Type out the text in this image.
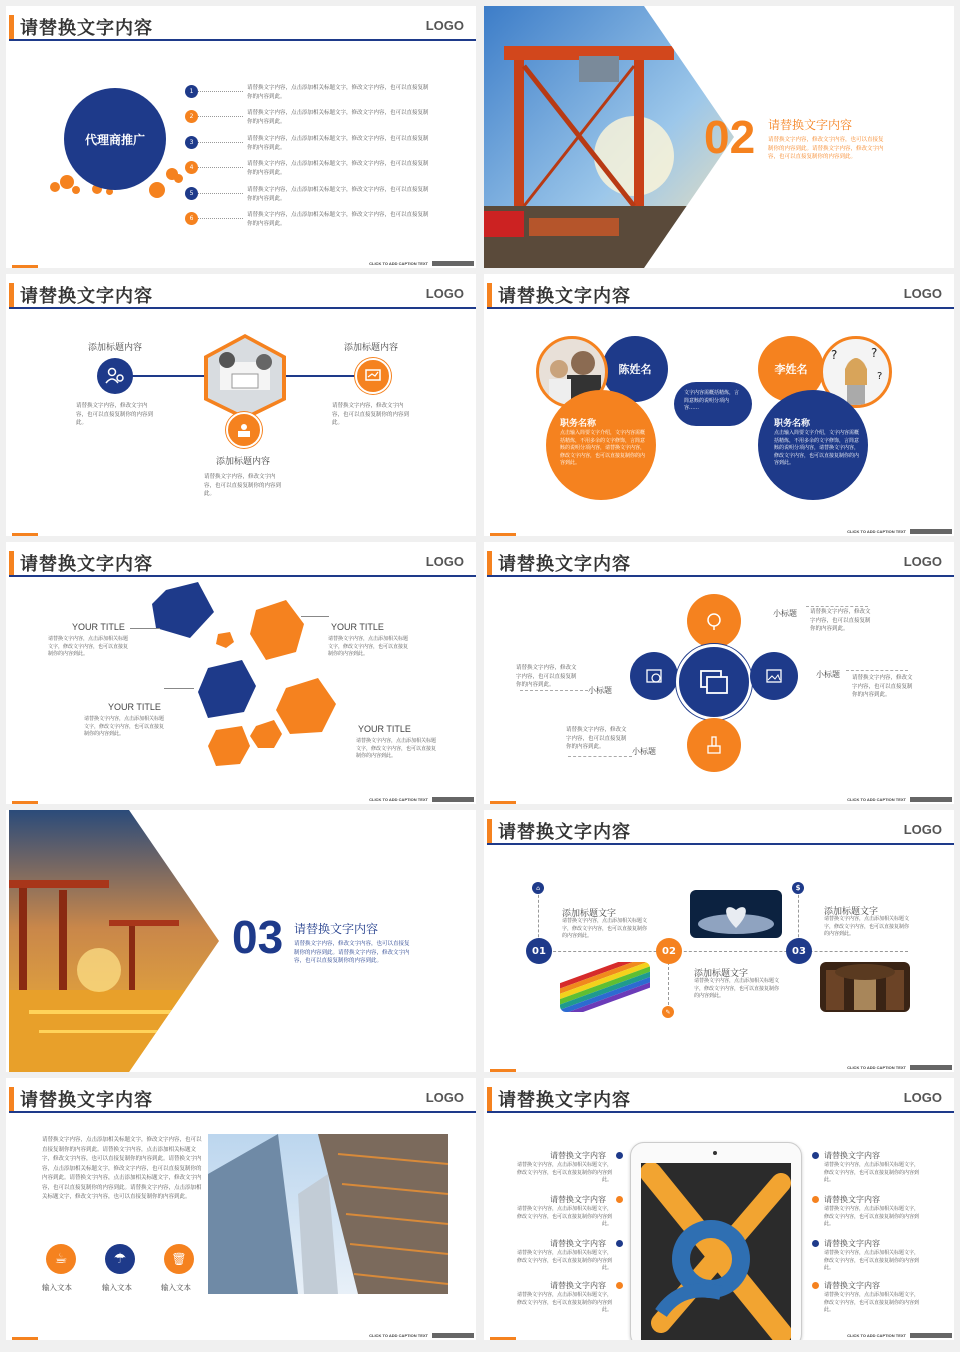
请替换文字内容	LOGO
代理商推广
1	请替换文字内容，点击添加相关标题文字，修改文字内容，也可以直接复制你的内容到此。
2	请替换文字内容，点击添加相关标题文字，修改文字内容，也可以直接复制你的内容到此。
3	请替换文字内容，点击添加相关标题文字，修改文字内容，也可以直接复制你的内容到此。
4	请替换文字内容，点击添加相关标题文字，修改文字内容，也可以直接复制你的内容到此。
5	请替换文字内容，点击添加相关标题文字，修改文字内容，也可以直接复制你的内容到此。
6	请替换文字内容，点击添加相关标题文字，修改文字内容，也可以直接复制你的内容到此。
CLICK TO ADD CAPTION TEXT
02 请替换文字内容
请替换文字内容，修改文字内容，也可以直接复制你的内容到此。请替换文字内容，修改文字内容，也可以直接复制你的内容到此。
请替换文字内容	LOGO
添加标题内容	添加标题内容
添加标题内容
请替换文字内容，修改文字内容，也可以直接复制你的内容到此。
请替换文字内容，修改文字内容，也可以直接复制你的内容到此。
请替换文字内容，修改文字内容，也可以直接复制你的内容到此。
请替换文字内容	LOGO
陈姓名
职务名称
点击输入简要文字介绍，文字内容需概括精炼，不用多余的文字修饰，言简意赅的说明分项内容，请替换文字内容，修改文字内容，也可以直接复制你的内容到此。
文字内容需概括精炼，言简意赅的说明分项内容……
李姓名
?	?
?
职务名称
点击输入简要文字介绍，文字内容需概括精炼，不用多余的文字修饰，言简意赅的说明分项内容，请替换文字内容，修改文字内容，也可以直接复制你的内容到此。
CLICK TO ADD CAPTION TEXT
请替换文字内容	LOGO
YOUR TITLE
请替换文字内容，点击添加相关标题文字，修改文字内容，也可以直接复制你的内容到此。
YOUR TITLE
请替换文字内容，点击添加相关标题文字，修改文字内容，也可以直接复制你的内容到此。
YOUR TITLE
请替换文字内容，点击添加相关标题文字，修改文字内容，也可以直接复制你的内容到此。	YOUR TITLE
请替换文字内容，点击添加相关标题文字，修改文字内容，也可以直接复制你的内容到此。
CLICK TO ADD CAPTION TEXT
请替换文字内容	LOGO
小标题 请替换文字内容，修改文字内容，也可以直接复制你的内容到此。
小标题 请替换文字内容，修改文字内容，也可以直接复制你的内容到此。
小标题
请替换文字内容，修改文字内容，也可以直接复制你的内容到此。
小标题
请替换文字内容，修改文字内容，也可以直接复制你的内容到此。
CLICK TO ADD CAPTION TEXT
03 请替换文字内容
请替换文字内容，修改文字内容，也可以直接复制你的内容到此。请替换文字内容，修改文字内容，也可以直接复制你的内容到此。
请替换文字内容	LOGO
01	02	03
⌂	$
✎
添加标题文字
请替换文字内容，点击添加相关标题文字，修改文字内容，也可以直接复制你的内容到此。
添加标题文字
请替换文字内容，点击添加相关标题文字，修改文字内容，也可以直接复制你的内容到此。
添加标题文字
请替换文字内容，点击添加相关标题文字，修改文字内容，也可以直接复制你的内容到此。
CLICK TO ADD CAPTION TEXT
请替换文字内容	LOGO
请替换文字内容，点击添加相关标题文字，修改文字内容，也可以直接复制你的内容到此。请替换文字内容，点击添加相关标题文字，修改文字内容，也可以直接复制你的内容到此。请替换文字内容，点击添加相关标题文字，修改文字内容，也可以直接复制你的内容到此。请替换文字内容，点击添加相关标题文字，修改文字内容，也可以直接复制你的内容到此。请替换文字内容，点击添加相关标题文字，修改文字内容，也可以直接复制你的内容到此。
☕	☂	🗑
输入文本	输入文本	输入文本
CLICK TO ADD CAPTION TEXT
请替换文字内容	LOGO
请替换文字内容
请替换文字内容，点击添加相关标题文字，修改文字内容，也可以直接复制你的内容到此。
请替换文字内容
请替换文字内容，点击添加相关标题文字，修改文字内容，也可以直接复制你的内容到此。
请替换文字内容
请替换文字内容，点击添加相关标题文字，修改文字内容，也可以直接复制你的内容到此。
请替换文字内容
请替换文字内容，点击添加相关标题文字，修改文字内容，也可以直接复制你的内容到此。
请替换文字内容
请替换文字内容，点击添加相关标题文字，修改文字内容，也可以直接复制你的内容到此。
请替换文字内容
请替换文字内容，点击添加相关标题文字，修改文字内容，也可以直接复制你的内容到此。
请替换文字内容
请替换文字内容，点击添加相关标题文字，修改文字内容，也可以直接复制你的内容到此。
请替换文字内容
请替换文字内容，点击添加相关标题文字，修改文字内容，也可以直接复制你的内容到此。
CLICK TO ADD CAPTION TEXT
